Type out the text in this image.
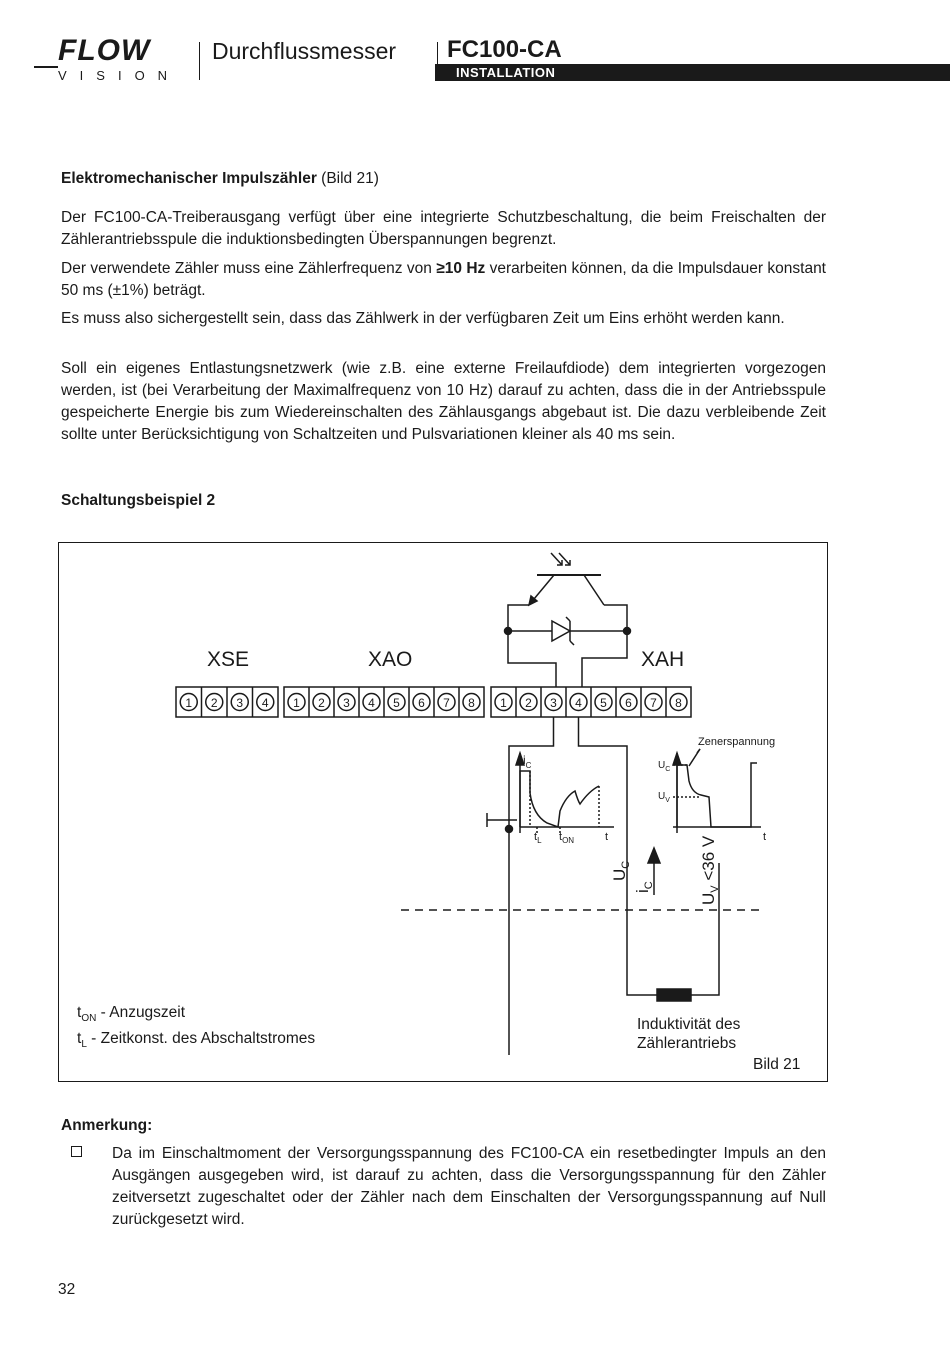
FLOW
VISION
Durchflussmesser FC100-CA
INSTALLATION
Elektromechanischer Impulszähler (Bild 21)

Der FC100-CA-Treiberausgang verfügt über eine integrierte Schutzbeschaltung, die beim Freischalten der Zählerantriebsspule die induktionsbedingten Überspannungen begrenzt.

Der verwendete Zähler muss eine Zählerfrequenz von ≥10 Hz verarbeiten können, da die Impulsdauer konstant 50 ms (±1%) beträgt.

Es muss also sichergestellt sein, dass das Zählwerk in der verfügbaren Zeit um Eins erhöht werden kann.

Soll ein eigenes Entlastungsnetzwerk (wie z.B. eine externe Freilaufdiode) dem integrierten vorgezogen werden, ist (bei Verarbeitung der Maximalfrequenz von 10 Hz) darauf zu achten, dass die in der Antriebsspule gespeicherte Energie bis zum Wiedereinschalten des Zählausgangs abgebaut ist. Die dazu verbleibende Zeit sollte unter Berücksichtigung von Schaltzeiten und Pulsvariationen kleiner als 40 ms sein.

Schaltungsbeispiel 2
XSE	XAO	XAH
1 2 3 4 1 2 3 4 5 6 7 8 1 2 3 4 5 6 7 8
$i_C$
$t_L$ $t_{ON}$	t
Zenerspannung
$U_C$
$U_V$
t
$U_C$
$i_C$
$U_V <36$ V
$t_{ON}$ - Anzugszeit
$t_L$ - Zeitkonst. des Abschaltstromes
Induktivität des
Zählerantriebs
Bild 21
Anmerkung:
Da im Einschaltmoment der Versorgungsspannung des FC100-CA ein resetbedingter Impuls an den Ausgängen ausgegeben wird, ist darauf zu achten, dass die Versorgungsspannung für den Zähler zeitversetzt zugeschaltet oder der Zähler nach dem Einschalten der Versorgungsspannung auf Null zurückgesetzt wird.
32
